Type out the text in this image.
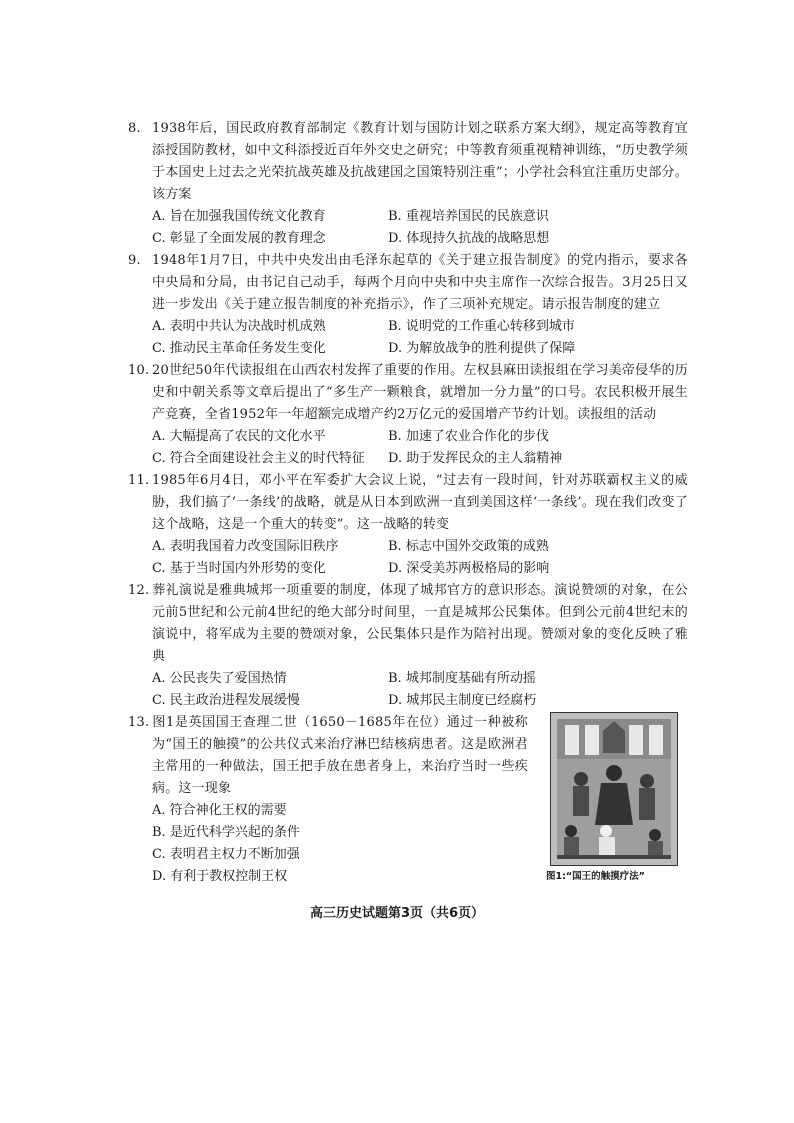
8. 1938年后，国民政府教育部制定《教育计划与国防计划之联系方案大纲》，规定高等教育宜添授国防教材，如中文科添授近百年外交史之研究；中等教育须重视精神训练，“历史教学须于本国史上过去之光荣抗战英雄及抗战建国之国策特别注重”；小学社会科宜注重历史部分。该方案
A. 旨在加强我国传统文化教育	B. 重视培养国民的民族意识
C. 彰显了全面发展的教育理念	D. 体现持久抗战的战略思想
9. 1948年1月7日，中共中央发出由毛泽东起草的《关于建立报告制度》的党内指示，要求各中央局和分局，由书记自己动手，每两个月向中央和中央主席作一次综合报告。3月25日又进一步发出《关于建立报告制度的补充指示》，作了三项补充规定。请示报告制度的建立
A. 表明中共认为决战时机成熟	B. 说明党的工作重心转移到城市
C. 推动民主革命任务发生变化	D. 为解放战争的胜利提供了保障
10. 20世纪50年代读报组在山西农村发挥了重要的作用。左权县麻田读报组在学习美帝侵华的历史和中朝关系等文章后提出了“多生产一颗粮食，就增加一分力量”的口号。农民积极开展生产竞赛，全省1952年一年超额完成增产约2万亿元的爱国增产节约计划。读报组的活动
A. 大幅提高了农民的文化水平	B. 加速了农业合作化的步伐
C. 符合全面建设社会主义的时代特征	D. 助于发挥民众的主人翁精神
11. 1985年6月4日，邓小平在军委扩大会议上说，“过去有一段时间，针对苏联霸权主义的威胁，我们搞了‘一条线’的战略，就是从日本到欧洲一直到美国这样‘一条线’。现在我们改变了这个战略，这是一个重大的转变”。这一战略的转变
A. 表明我国着力改变国际旧秩序	B. 标志中国外交政策的成熟
C. 基于当时国内外形势的变化	D. 深受美苏两极格局的影响
12. 葬礼演说是雅典城邦一项重要的制度，体现了城邦官方的意识形态。演说赞颂的对象，在公元前5世纪和公元前4世纪的绝大部分时间里，一直是城邦公民集体。但到公元前4世纪末的演说中，将军成为主要的赞颂对象，公民集体只是作为陪衬出现。赞颂对象的变化反映了雅典
A. 公民丧失了爱国热情	B. 城邦制度基础有所动摇
C. 民主政治进程发展缓慢	D. 城邦民主制度已经腐朽
13. 图1是英国国王查理二世（1650－1685年在位）通过一种被称为“国王的触摸”的公共仪式来治疗淋巴结核病患者。这是欧洲君主常用的一种做法，国王把手放在患者身上，来治疗当时一些疾病。这一现象
A. 符合神化王权的需要
B. 是近代科学兴起的条件
C. 表明君主权力不断加强
D. 有利于教权控制王权	图1:“国王的触摸疗法”
高三历史试题第3页（共6页）
